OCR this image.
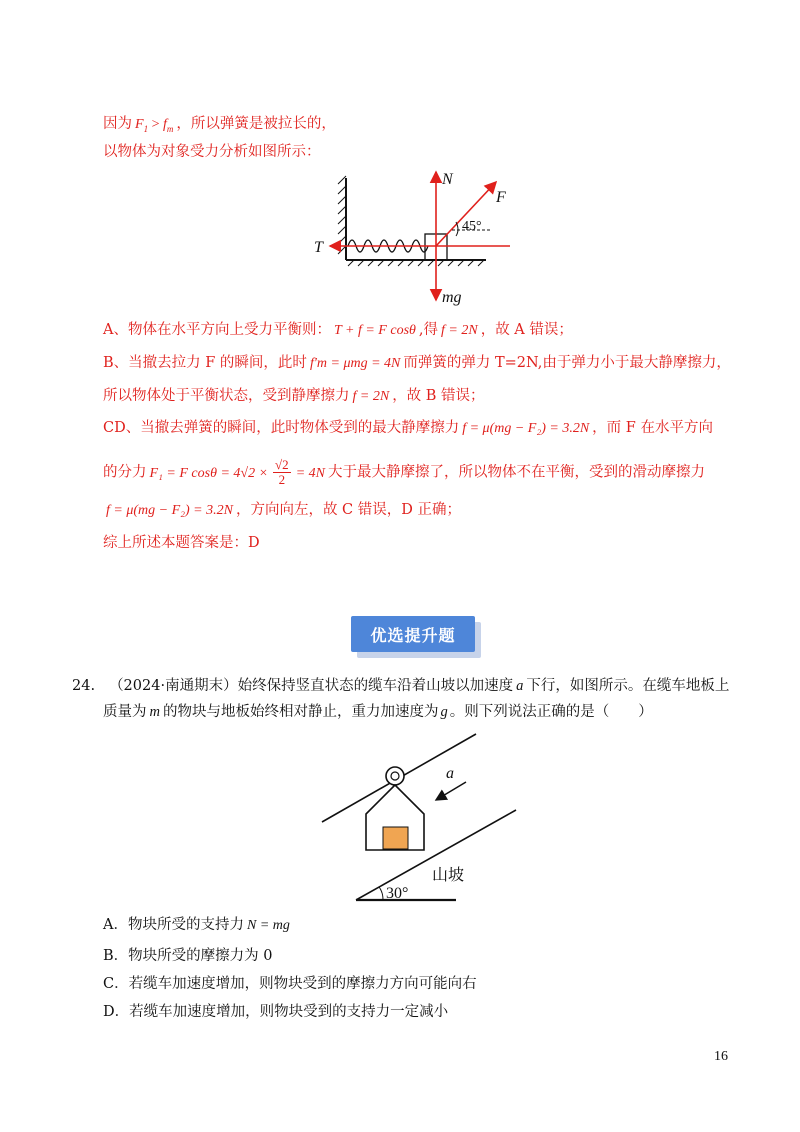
因为 $F_1 > f_m$ ，所以弹簧是被拉长的，
以物体为对象受力分析如图所示：
45°
N
F
T
mg
A、物体在水平方向上受力平衡则： T + f = F cosθ ,得 f = 2N ，故 A 错误；
B、当撤去拉力 F 的瞬间，此时 f′m = μmg = 4N 而弹簧的弹力 T=2N,由于弹力小于最大静摩擦力，
所以物体处于平衡状态，受到静摩擦力 f = 2N ，故 B 错误；
CD、当撤去弹簧的瞬间，此时物体受到的最大静摩擦力 f = μ(mg − F₂) = 3.2N ，而 F 在水平方向
的分力 F₁ = F $\cos\theta = 4√2 \times \frac{√2}{2} = 4N$ 大于最大静摩擦了，所以物体不在平衡，受到的滑动摩擦力
f = μ(mg − F₂) = 3.2N ，方向向左，故 C 错误，D 正确；
综上所述本题答案是：D
优选提升题
24. （2024·南通期末）始终保持竖直状态的缆车沿着山坡以加速度 a 下行，如图所示。在缆车地板上
质量为 m 的物块与地板始终相对静止，重力加速度为 g 。则下列说法正确的是（　　）
a
30°
山坡
A．物块所受的支持力 N = mg
B．物块所受的摩擦力为 0
C．若缆车加速度增加，则物块受到的摩擦力方向可能向右
D．若缆车加速度增加，则物块受到的支持力一定减小
16
